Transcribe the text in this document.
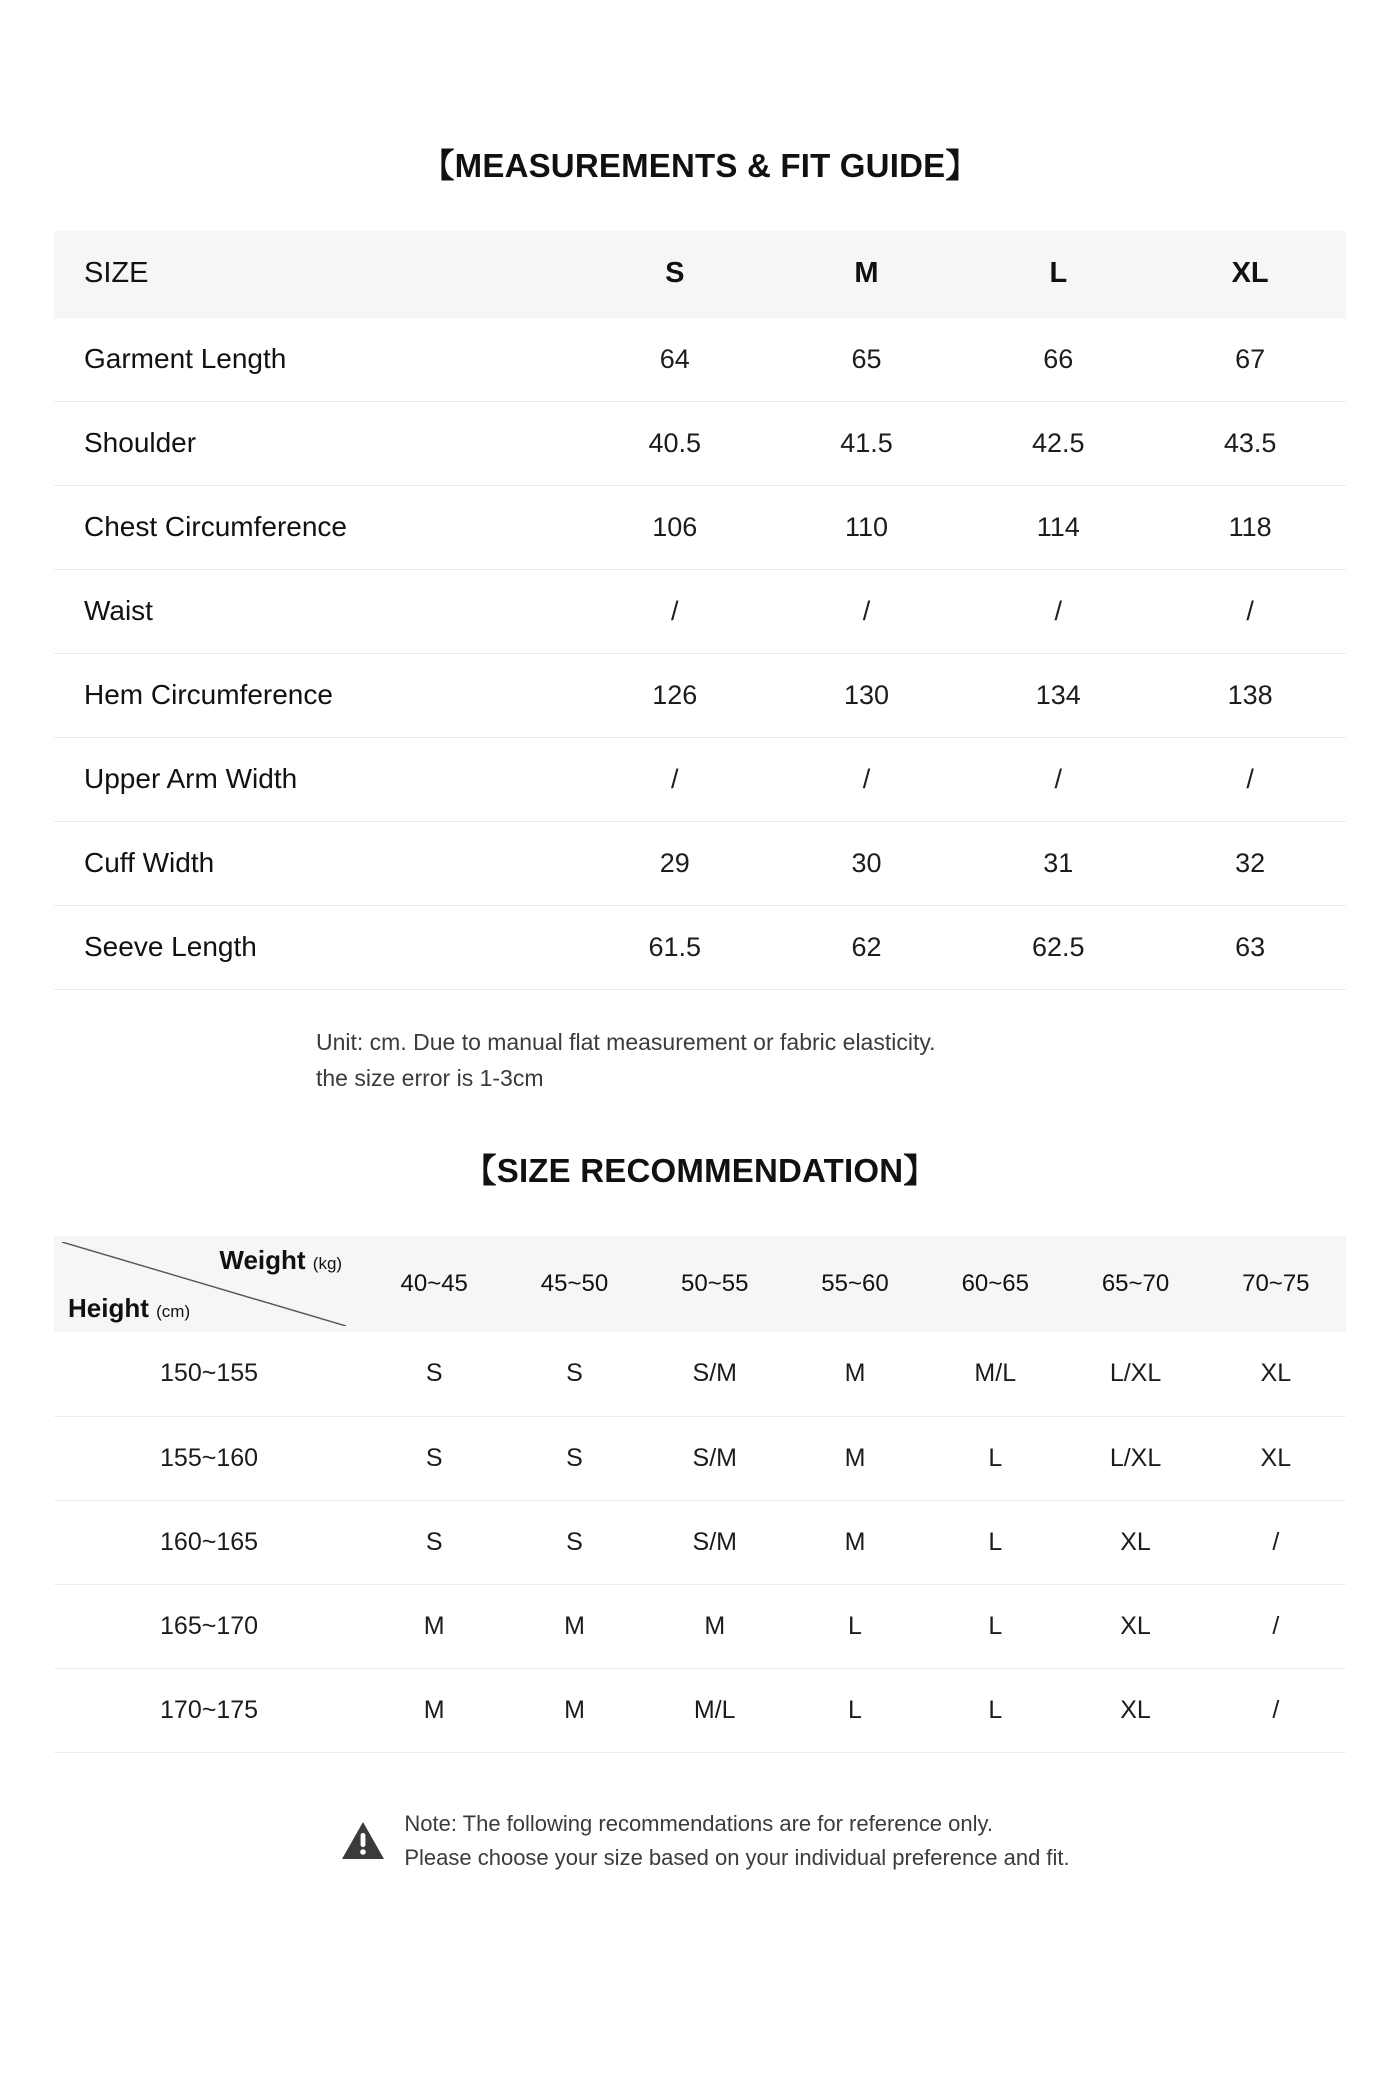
【MEASUREMENTS & FIT GUIDE】
SIZE	S	M	L	XL
Garment Length	64	65	66	67
Shoulder	40.5	41.5	42.5	43.5
Chest Circumference	106	110	114	118
Waist	/	/	/	/
Hem Circumference	126	130	134	138
Upper Arm Width	/	/	/	/
Cuff Width	29	30	31	32
Seeve Length	61.5	62	62.5	63
Unit: cm. Due to manual flat measurement or fabric elasticity.
the size error is 1-3cm
【SIZE RECOMMENDATION】
Weight (kg)
Height (cm)	40~45	45~50	50~55	55~60	60~65	65~70	70~75
150~155	S	S	S/M	M	M/L	L/XL	XL
155~160	S	S	S/M	M	L	L/XL	XL
160~165	S	S	S/M	M	L	XL	/
165~170	M	M	M	L	L	XL	/
170~175	M	M	M/L	L	L	XL	/
Note: The following recommendations are for reference only.
Please choose your size based on your individual preference and fit.
